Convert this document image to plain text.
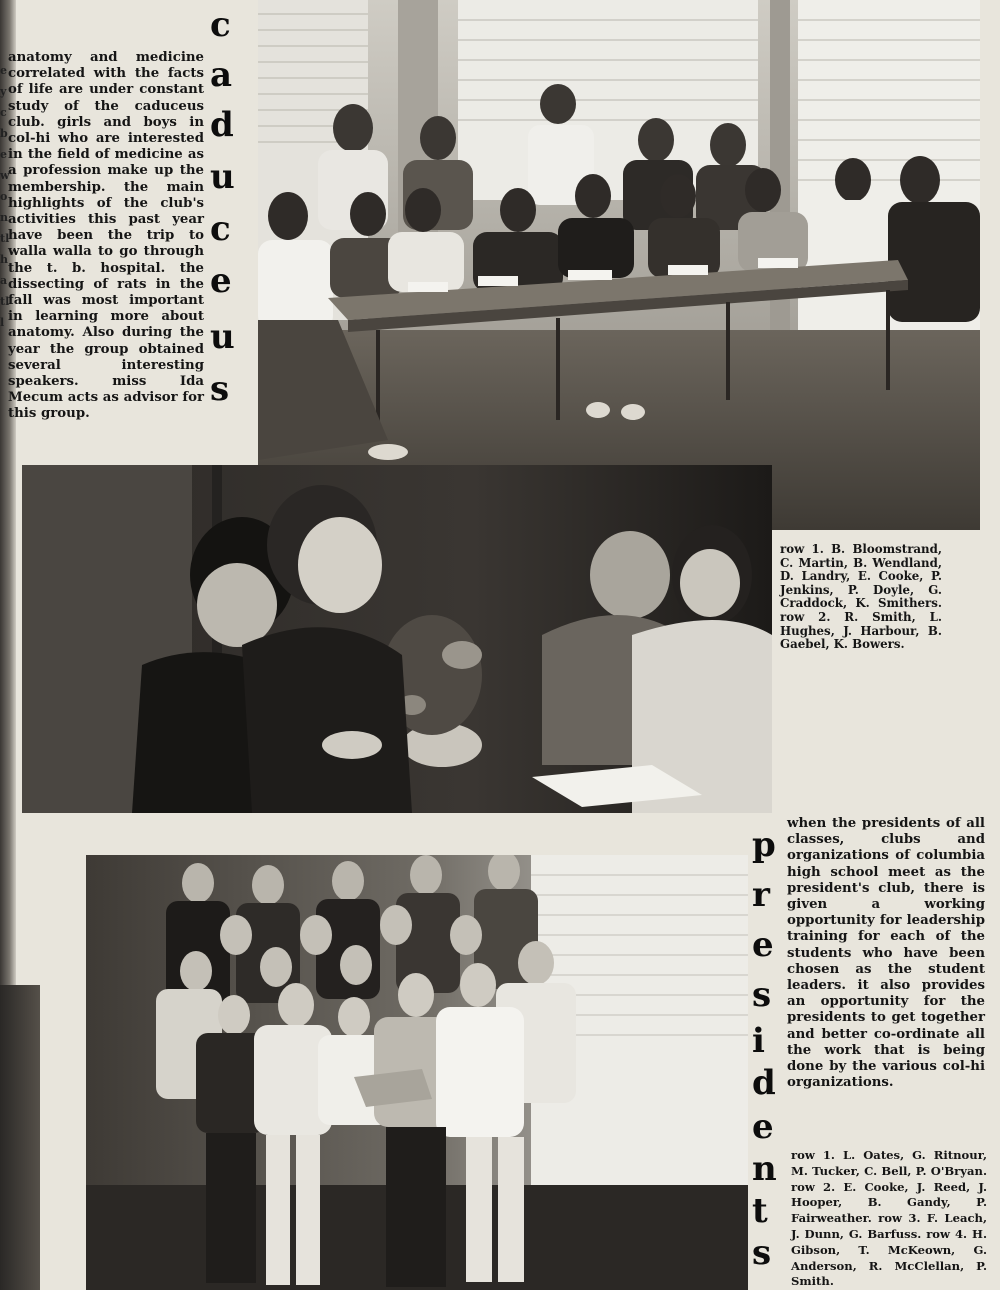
e
y
c
b
e
w
o
n
tl
h
a
tl
l

anatomy and medicine correlated with the facts of life are under constant study of the caduceus club. girls and boys in col-hi who are interested in the field of medicine as a profession make up the membership. the main highlights of the club's activities this past year have been the trip to walla walla to go through the t. b. hospital. the dissecting of rats in the fall was most important in learning more about anatomy. Also during the year the group obtained several interesting speakers. miss Ida Mecum acts as advisor for this group.

c
a
d
u
c
e
u
s

row 1. B. Bloomstrand, C. Martin, B. Wendland, D. Landry, E. Cooke, P. Jenkins, P. Doyle, G. Craddock, K. Smithers. row 2. R. Smith, L. Hughes, J. Harbour, B. Gaebel, K. Bowers.

p
r
e
s
i
d
e
n
t
s

when the presidents of all classes, clubs and organizations of columbia high school meet as the president's club, there is given a working opportunity for leadership training for each of the students who have been chosen as the student leaders. it also provides an opportunity for the presidents to get together and better co-ordinate all the work that is being done by the various col-hi organizations.

row 1. L. Oates, G. Ritnour, M. Tucker, C. Bell, P. O'Bryan. row 2. E. Cooke, J. Reed, J. Hooper, B. Gandy, P. Fairweather. row 3. F. Leach, J. Dunn, G. Barfuss. row 4. H. Gibson, T. McKeown, G. Anderson, R. McClellan, P. Smith.
